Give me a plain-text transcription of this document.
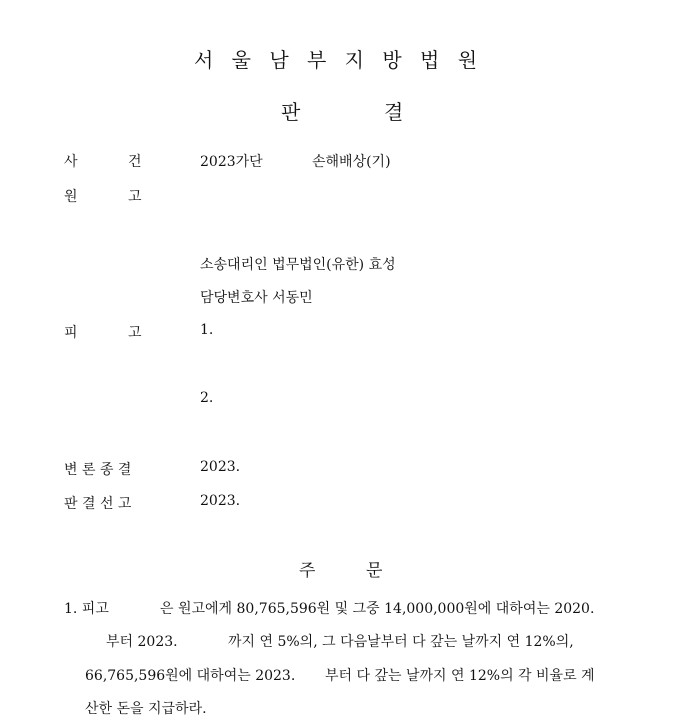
서 울 남 부 지 방 법 원
판	결
사	건	2023가단	손해배상(기)
원	고
소송대리인 법무법인(유한) 효성
담당변호사 서동민
피	고	1.
2.
변 론 종 결	2023.
판 결 선 고	2023.
주	문
1. 피고	은 원고에게 80,765,596원 및 그중 14,000,000원에 대하여는 2020.
부터 2023.	까지 연 5%의, 그 다음날부터 다 갚는 날까지 연 12%의,
66,765,596원에 대하여는 2023. 부터 다 갚는 날까지 연 12%의 각 비율로 계
산한 돈을 지급하라.
